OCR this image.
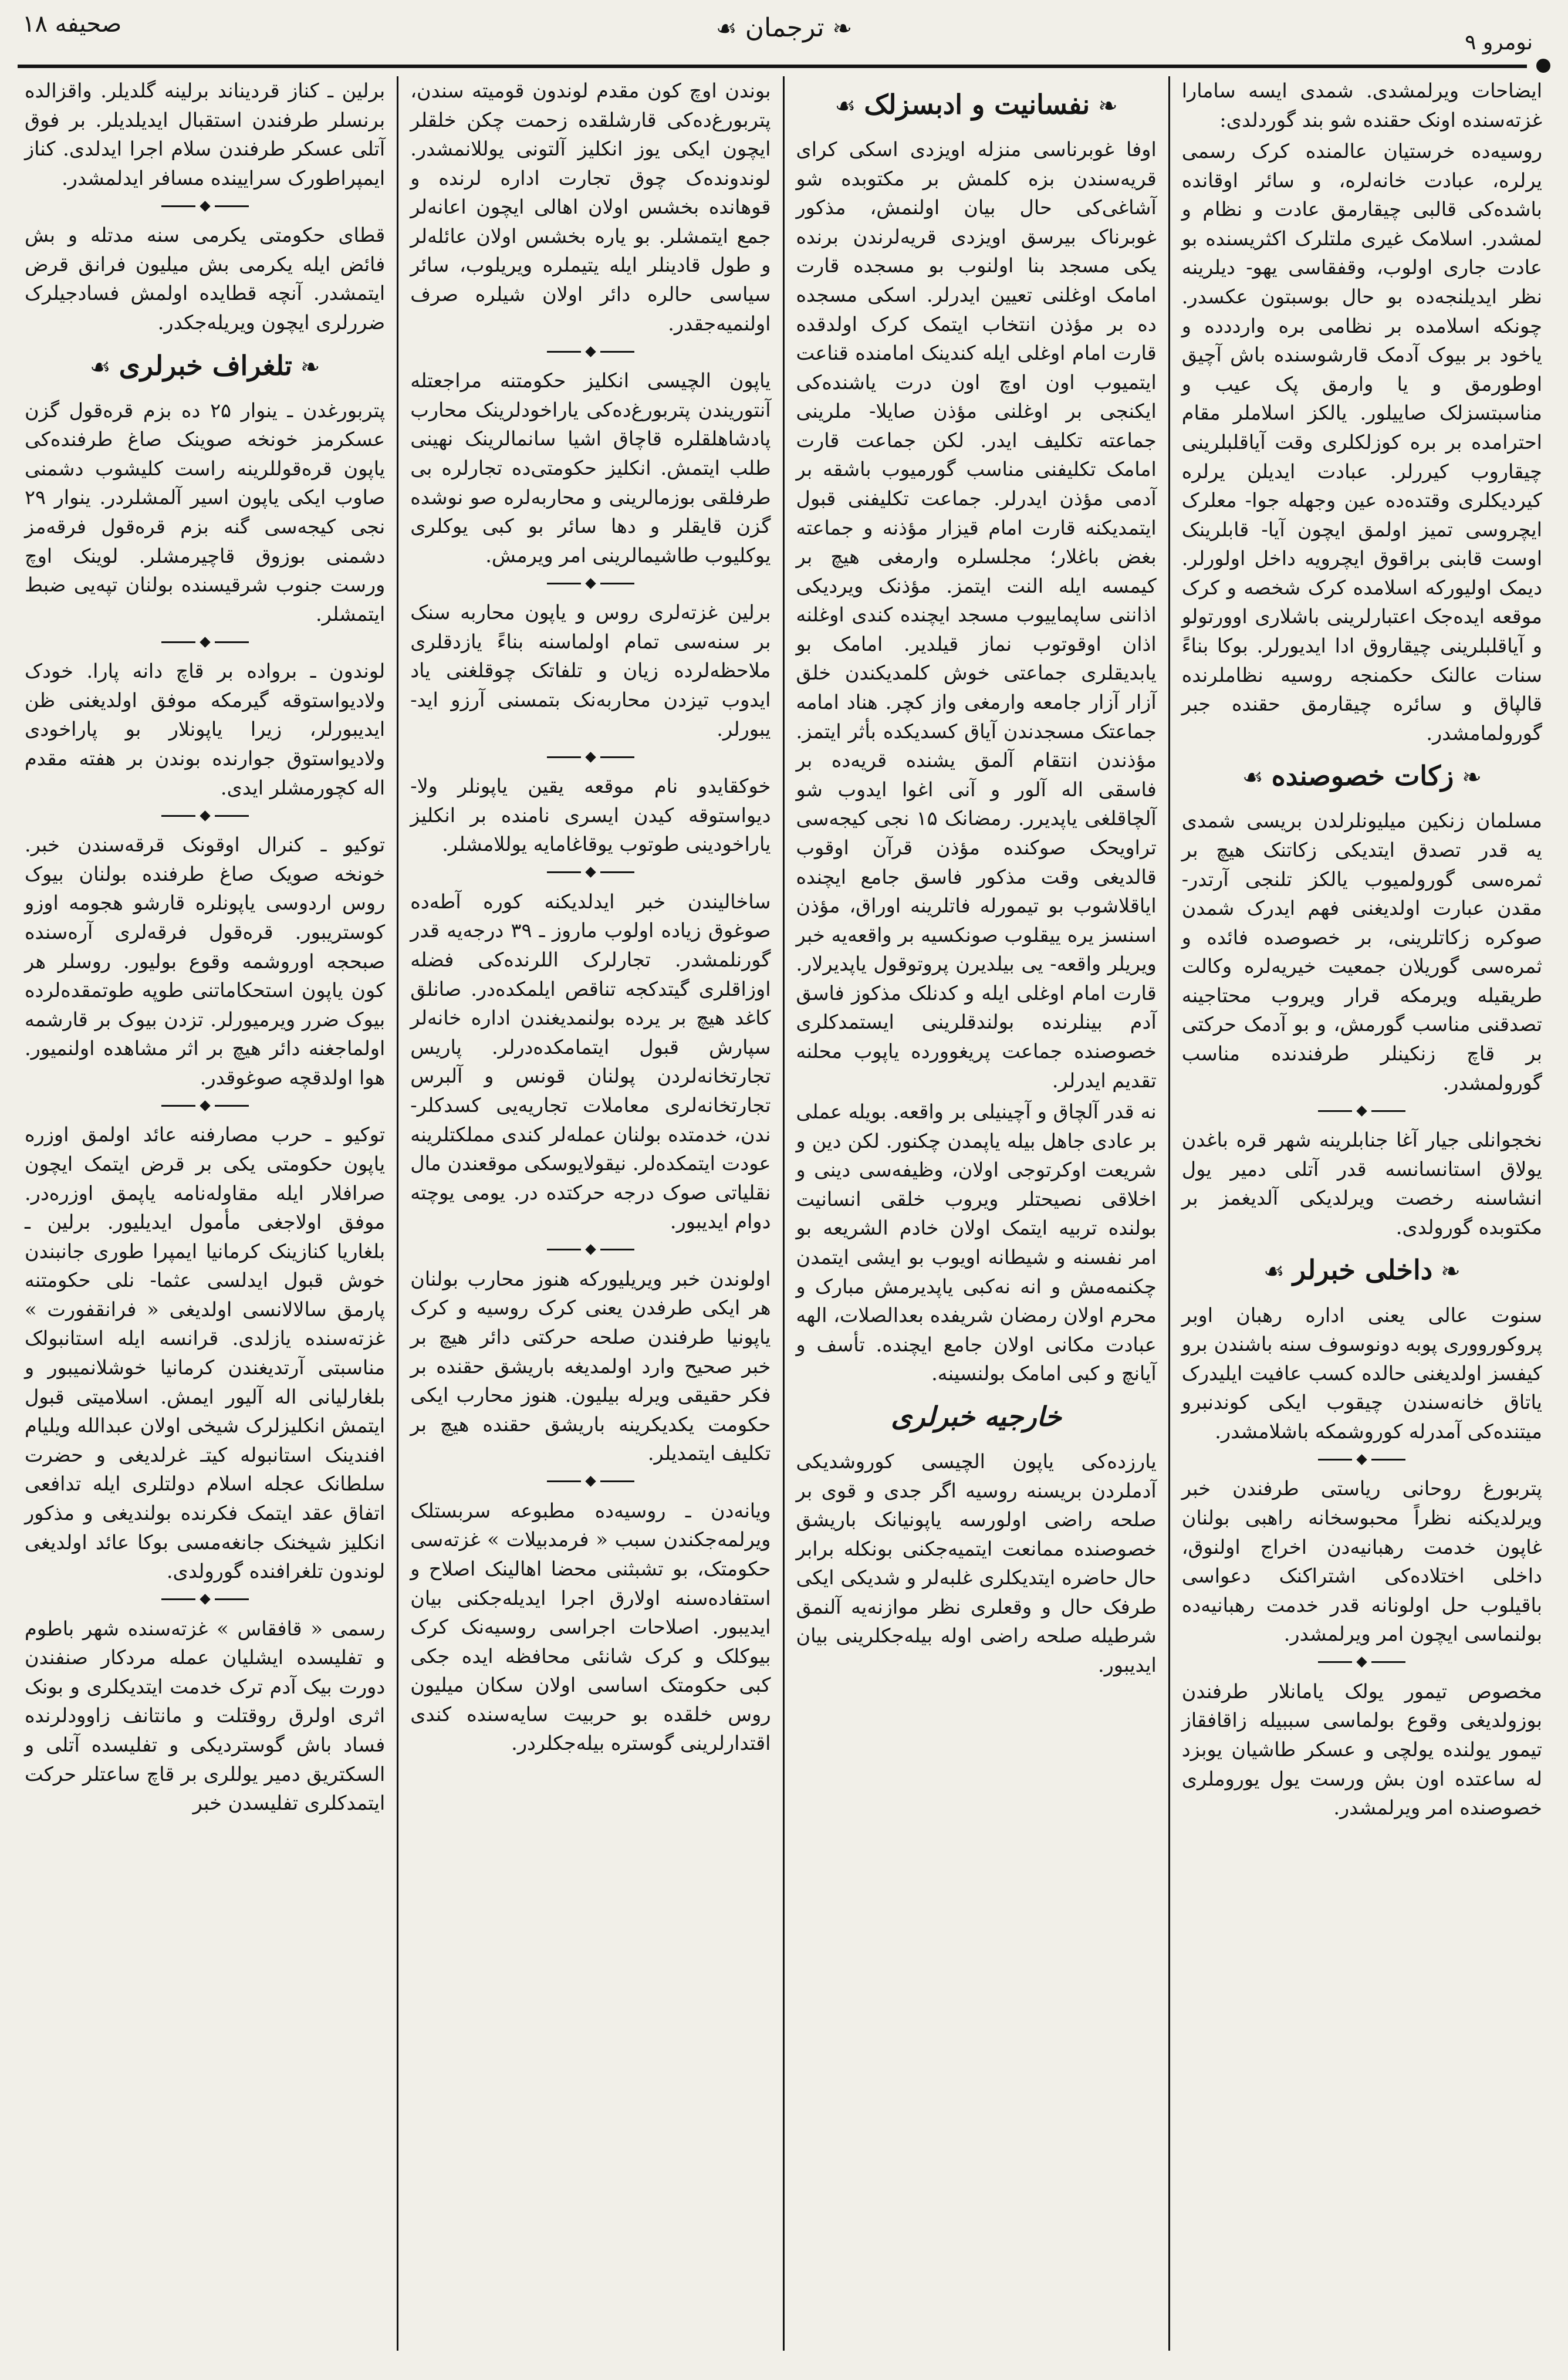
صحیفه ۱۸	❧ترجمان☙
نومرو ۹

ایضاحات ویرلمشدی. شمدی ایسه سامارا غزته‌سنده اونک حقنده شو بند گوردلدی:

روسیه‌ده خرستیان عالمنده کرک رسمی یرلره، عبادت خانه‌لره، و سائر اوقانده باشده‌کی قالبی چیقارمق عادت و نظام و لمشدر. اسلامک غیری ملتلرک اکثریسنده بو عادت جاری اولوب، وقفقاسی یهو- دیلرینه نظر ایدیلنجه‌ده بو حال بوسبتون عکسدر. چونکه اسلامده بر نظامی بره وارددده و یاخود بر بیوک آدمک قارشوسنده باش آچیق اوطورمق و یا وارمق پک عیب و مناسبتسزلک صاییلور. یالکز اسلاملر مقام احترامده بر بره کوزلکلری وقت آیاقلبلرینی چیقاروب کیررلر. عبادت ایدیلن یرلره کیردیکلری وقتده‌ده عین وجهله جوا- معلرک ایچروسی تمیز اولمق ایچون آیا- قابلرینک اوست قابنی براقوق ایچرویه داخل اولورلر. دیمک اولیورکه اسلامده کرک شخصه و کرک موقعه ایده‌جک اعتبارلرینی باشلاری اوورتولو و آیاقلبلرینی چیقاروق ادا ایدیورلر. بوکا بناءً سنات عالنک حکمنجه روسیه نظاملرنده قالپاق و سائره چیقارمق حقنده جبر گورولمامشدر.

❧زکات خصوصنده☙

مسلمان زنکین میلیونلرلدن بریسی شمدی یه قدر تصدق ایتدیکی زکاتنک هیچ بر ثمره‌سی گورولمیوب یالکز تلنجی آرتدر- مقدن عبارت اولدیغنی فهم ایدرک شمدن صوکره زکاتلرینی، بر خصوصده فائده و ثمره‌سی گوریلان جمعیت خیریه‌لره وکالت طریقیله ویرمکه قرار ویروب محتاجینه تصدقنی مناسب گورمش، و بو آدمک حرکتی بر قاچ زنکینلر طرفندنده مناسب گورولمشدر.

نخجوانلی جیار آغا جنابلرینه شهر قره باغدن یولاق استانسانسه قدر آتلی دمیر یول انشاسنه رخصت ویرلدیکی آلدیغمز بر مکتوبده گورولدی.

❧داخلی خبرلر☙

سنوت عالی یعنی اداره رهبان اوبر پروکورووری پوبه دونوسوف سنه باشندن برو کیفسز اولدیغنی حالده کسب عافیت ایلیدرک یاتاق خانه‌سندن چیقوب ایکی کوندنبرو میتنده‌کی آمدرله کوروشمکه باشلامشدر.

پتربورغ روحانی ریاستی طرفندن خبر ویرلدیکنه نظراً محبوسخانه راهبی بولنان غاپون خدمت رهبانیه‌دن اخراج اولنوق، داخلی اختلاده‌کی اشتراکنک دعواسی باقیلوب حل اولونانه قدر خدمت رهبانیه‌ده بولنماسی ایچون امر ویرلمشدر.

مخصوص تیمور یولک یامانلار طرفندن بوزولدیغی وقوع بولماسی سببیله زاقافقاز تیمور یولنده یولچی و عسکر طاشیان یوبزد له ساعتده اون بش ورست یول یوروملری خصوصنده امر ویرلمشدر.

❧نفسانیت و ادبسزلک☙

اوفا غوبرناسی منزله اویزدی اسکی کرای قریه‌سندن بزه کلمش بر مکتوبده شو آشاغی‌کی حال بیان اولنمش، مذکور غوبرناک بیرسق اویزدی قریه‌لرندن برنده یکی مسجد بنا اولنوب بو مسجده قارت امامک اوغلنی تعیین ایدرلر. اسکی مسجده ده بر مؤذن انتخاب ایتمک کرک اولدقده قارت امام اوغلی ایله کندینک امامنده قناعت ایتمیوب اون اوچ اون درت یاشنده‌کی ایکنجی بر اوغلنی مؤذن صایلا- ملرینی جماعته تکلیف ایدر. لکن جماعت قارت امامک تکلیفنی مناسب گورمیوب باشقه بر آدمی مؤذن ایدرلر. جماعت تکلیفنی قبول ایتمدیکنه قارت امام قیزار مؤذنه و جماعته بغض باغلار؛ مجلسلره وارمغی هیچ بر کیمسه ایله النت ایتمز. مؤذنک ویردیکی اذاننی ساپماییوب مسجد ایچنده کندی اوغلنه اذان اوقوتوب نماز قیلدیر. امامک بو یابدیقلری جماعتی خوش کلمدیکندن خلق آزار آزار جامعه وارمغی واز کچر. هناد امامه جماعتک مسجدندن آیاق کسدیکده بأثر ایتمز. مؤذندن انتقام آلمق یشنده قریه‌ده بر فاسقی اله آلور و آنی اغوا ایدوب شو آلچاقلغی یاپدیرر. رمضانک ۱۵ نجی کیجه‌سی تراویحک صوکنده مؤذن قرآن اوقوب قالدیغی وقت مذکور فاسق جامع ایچنده ایاقلاشوب بو تیمورله فاتلرینه اوراق، مؤذن اسنسز یره ییقلوب صونکسیه بر واقعه‌یه خبر ویریلر واقعه- یی بیلدیرن پروتوقول یاپدیرلار. قارت امام اوغلی ایله و کدنلک مذکوز فاسق آدم بینلرنده بولندقلرینی ایستمدکلری خصوصنده جماعت پریغوورده یاپوب محلنه تقدیم ایدرلر.

نه قدر آلچاق و آچینیلی بر واقعه. بویله عملی بر عادی جاهل بیله یاپمدن چکنور. لکن دین و شریعت اوکرتوجی اولان، وظیفه‌سی دینی و اخلاقی نصیحتلر ویروب خلقی انسانیت بولنده تربیه ایتمک اولان خادم الشریعه بو امر نفسنه و شیطانه اویوب بو ایشی ایتمدن چکنمه‌مش و انه نه‌کبی یاپدیرمش مبارک و محرم اولان رمضان شریفده بعدالصلات، الهه عبادت مکانی اولان جامع ایچنده. تأسف و آیانچ و کبی امامک بولنسینه.

خارجیه خبرلری

یارزده‌کی یاپون الچیسی کوروشدیکی آدملردن بریسنه روسیه اگر جدی و قوی بر صلحه راضی اولورسه یاپونیانک باریشق خصوصنده ممانعت ایتمیه‌جکنی بونکله برابر حال حاضره ایتدیکلری غلبه‌لر و شدیکی ایکی طرفک حال و وقعلری نظر موازنه‌یه آلنمق شرطیله صلحه راضی اوله بیله‌جکلرینی بیان ایدیبور.

بوندن اوچ کون مقدم لوندون قومیته سندن، پتربورغ‌ده‌کی قارشلقده زحمت چکن خلقلر ایچون ایکی یوز انکلیز آلتونی یوللانمشدر. لوندونده‌ک چوق تجارت اداره لرنده و قوهانده بخشس اولان اهالی ایچون اعانه‌لر جمع ایتمشلر. بو یاره بخشس اولان عائله‌لر و طول قادینلر ایله یتیملره ویریلوب، سائر سیاسی حالره دائر اولان شیلره صرف اولنمیه‌جقدر.

یاپون الچیسی انکلیز حکومتنه مراجعتله آنتوریندن پتربورغ‌ده‌کی یاراخودلرینک محارب پادشاهلقلره قاچاق اشیا سانمالرینک نهینی طلب ایتمش. انکلیز حکومتی‌ده تجارلره بی طرفلقی بوزمالرینی و محاربه‌لره صو نوشده گزن قایقلر و دها سائر بو کبی یوکلری یوکلیوب طاشیمالرینی امر ویرمش.

برلین غزته‌لری روس و یاپون محاربه سنک بر سنه‌سی تمام اولماسنه بناءً یازدقلری ملاحظه‌لرده زیان و تلفاتک چوقلغنی یاد ایدوب تیزدن محاربه‌نک بتمسنی آرزو اید- یبورلر.

خوکقایدو نام موقعه یقین یاپونلر ولا- دیواستوقه کیدن ایسری نامنده بر انکلیز یاراخودینی طوتوب یوقاغامایه یوللامشلر.

ساخالیندن خبر ایدلدیکنه کوره آطه‌ده صوغوق زیاده اولوب ماروز ـ ۳۹ درجه‌یه قدر گورنلمشدر. تجارلرک اللرنده‌کی فضله اوزاقلری گیتدکجه تناقص ایلمکده‌در. صانلق کاغد هیچ بر یرده بولنمدیغندن اداره خانه‌لر سپارش قبول ایتمامکده‌درلر. پاریس تجارتخانه‌لردن پولنان قونس و آلبرس تجارتخانه‌لری معاملات تجاریه‌یی کسدکلر- ندن، خدمتده بولنان عمله‌لر کندی مملکتلرینه عودت ایتمکده‌لر. نیقولایوسکی موقعندن مال نقلیاتی صوک درجه حرکتده در. یومی یوچته دوام ایدیبور.

اولوندن خبر ویریلیورکه هنوز محارب بولنان هر ایکی طرفدن یعنی کرک روسیه و کرک یاپونیا طرفندن صلحه حرکتی دائر هیچ بر خبر صحیح وارد اولمدیغه باریشق حقنده بر فکر حقیقی ویرله بیلیون. هنوز محارب ایکی حکومت یکدیکرینه باریشق حقنده هیچ بر تکلیف ایتمدیلر.

ویانه‌دن ـ روسیه‌ده مطبوعه سربستلک ویرلمه‌جکندن سبب « فرمدبیلات » غزته‌سی حکومتک، بو تشبثنی محضا اهالینک اصلاح و استفاده‌سنه اولارق اجرا ایدیله‌جکنی بیان ایدیبور. اصلاحات اجراسی روسیه‌نک کرک بیوکلک و کرک شانئی محافظه ایده جکی کبی حکومتک اساسی اولان سکان میلیون روس خلقده بو حربیت سایه‌سنده کندی اقتدارلرینی گوستره بیله‌جکلردر.

برلین ـ کناز قردیناند برلینه گلدیلر. واقزالده برنسلر طرفندن استقبال ایدیلدیلر. بر فوق آتلی عسکر طرفندن سلام اجرا ایدلدی. کناز ایمپراطورک سرایینده مسافر ایدلمشدر.

قطای حکومتی یکرمی سنه مدتله و بش فائض ایله یکرمی بش میلیون فرانق قرض ایتمشدر. آنچه قطایده اولمش فساد‌جیلرک ضررلری ایچون ویریله‌جکدر.

❧تلغراف خبرلری☙

پتربورغدن ـ ینوار ۲۵ ده بزم قره‌قول گزن عسکرمز خونخه صوینک صاغ طرفنده‌کی یاپون قره‌قوللرینه راست کلیشوب دشمنی صاوب ایکی یاپون اسیر آلمشلردر. ینوار ۲۹ نجی کیجه‌سی گنه بزم قره‌قول فرقه‌مز دشمنی بوزوق قاچیرمشلر. لوینک اوچ ورست جنوب شرقیسنده بولنان تپه‌یی ضبط ایتمشلر.

لوندون ـ برواده بر قاچ دانه پارا. خودک ولادیواستوقه گیرمکه موفق اولدیغنی ظن ایدیبورلر، زیرا یاپونلار بو پاراخودی ولادیواستوق جوارنده بوندن بر هفته مقدم اله کچورمشلر ایدی.

توکیو ـ کنرال اوقونک قرقه‌سندن خبر. خونخه صویک صاغ طرفنده بولنان بیوک روس اردوسی یاپونلره قارشو هجومه اوزو کوستریبور. قره‌قول فرقه‌لری آره‌سنده صبحجه اوروشمه وقوع بولیور. روسلر هر کون یاپون استحکاماتنی طوپه طوتمقده‌لرده بیوک ضرر ویرمیورلر. تزدن بیوک بر قارشمه اولماجغنه دائر هیچ بر اثر مشاهده اولنمیور. هوا اولدقچه صوغوقدر.

توکیو ـ حرب مصارفنه عائد اولمق اوزره یاپون حکومتی یکی بر قرض ایتمک ایچون صرافلار ایله مقاوله‌نامه یاپمق اوزره‌در. موفق اولاجغی مأمول ایدیلیور. برلین ـ بلغاریا کنازینک کرمانیا ایمپرا طوری جانبندن خوش قبول ایدلسی عثما- نلی حکومتنه پارمق سالالانسی اولدیغی « فرانقفورت » غزته‌سنده یازلدی. قرانسه ایله استانبولک مناسبتی آرتدیغندن کرمانیا خوشلانمیبور و بلغارلیانی اله آلیور ایمش. اسلامیتی قبول ایتمش انکلیزلرک شیخی اولان عبدالله ویلیام افندینک استانبوله کیتـ غرلدیغی و حضرت سلطانک عجله اسلام دولتلری ایله تدافعی اتفاق عقد ایتمک فکرنده بولندیغی و مذکور انکلیز شیخنک جانغه‌مسی بوکا عائد اولدیغی لوندون تلغرافنده گورولدی.

رسمی « قافقاس » غزته‌سنده شهر باطوم و تفلیسده ایشلیان عمله مردکار صنفندن دورت بیک آدم ترک خدمت ایتدیکلری و بونک اثری اولرق روقتلت و مانتانف زاوودلرنده فساد باش گوستردیکی و تفلیسده آتلی و السکتریق دمیر یوللری بر قاچ ساعتلر حرکت ایتمدکلری تفلیسدن خبر
